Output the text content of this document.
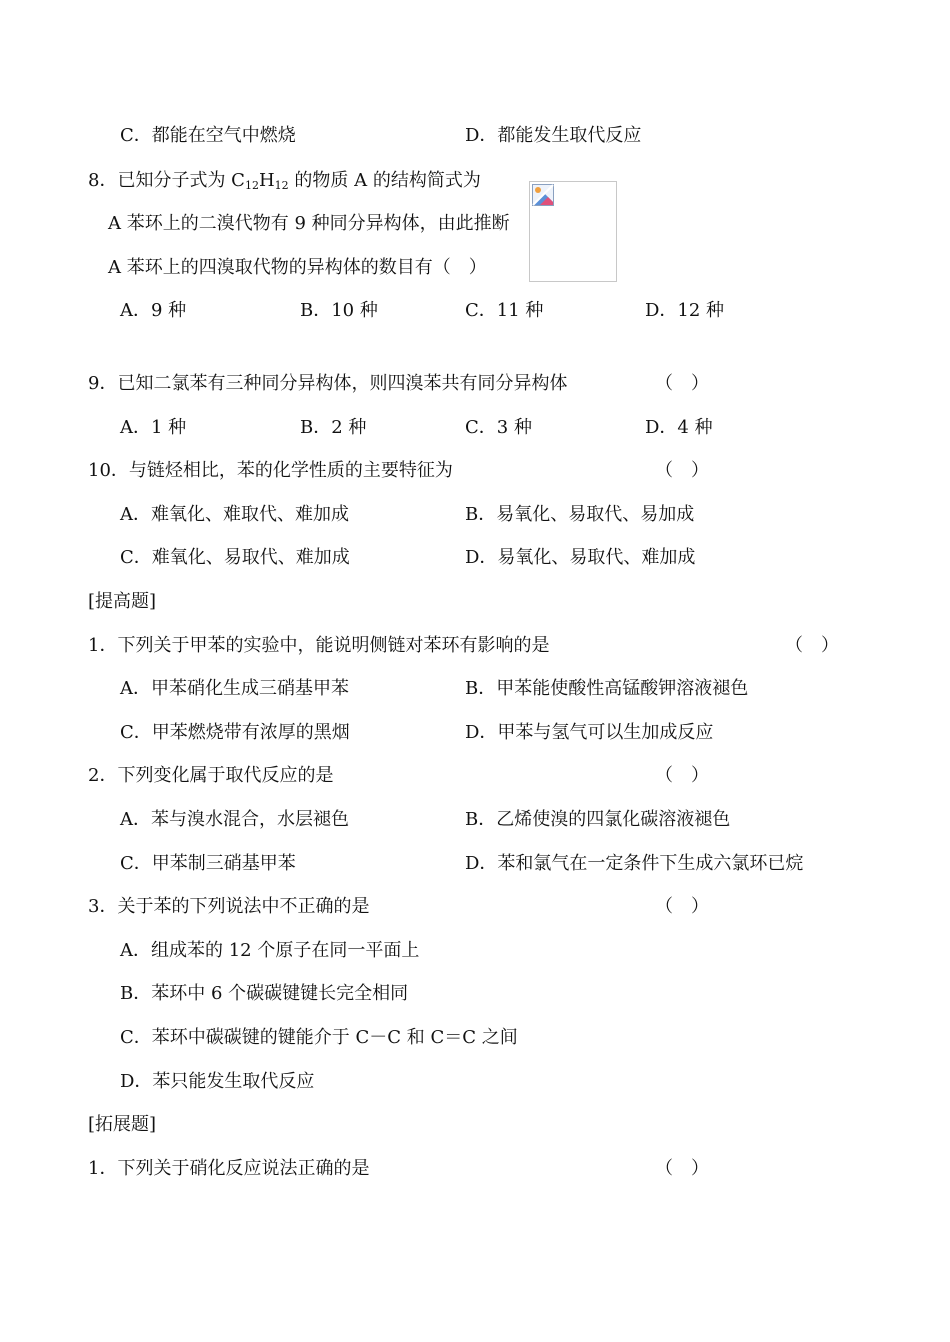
C．都能在空气中燃烧	D．都能发生取代反应
8．已知分子式为 $C_{12}H_{12}$ 的物质 A 的结构简式为
A 苯环上的二溴代物有 9 种同分异构体，由此推断
A 苯环上的四溴取代物的异构体的数目有（　）
A．9 种	B．10 种	C．11 种	D．12 种
9．已知二氯苯有三种同分异构体，则四溴苯共有同分异构体	（　）
A．1 种	B．2 种	C．3 种	D．4 种
10．与链烃相比，苯的化学性质的主要特征为	（　）
A．难氧化、难取代、难加成	B．易氧化、易取代、易加成
C．难氧化、易取代、难加成	D．易氧化、易取代、难加成
[提高题]
1．下列关于甲苯的实验中，能说明侧链对苯环有影响的是	（　）
A．甲苯硝化生成三硝基甲苯	B．甲苯能使酸性高锰酸钾溶液褪色
C．甲苯燃烧带有浓厚的黑烟	D．甲苯与氢气可以生加成反应
2．下列变化属于取代反应的是	（　）
A．苯与溴水混合，水层褪色	B．乙烯使溴的四氯化碳溶液褪色
C．甲苯制三硝基甲苯	D．苯和氯气在一定条件下生成六氯环已烷
3．关于苯的下列说法中不正确的是	（　）
A．组成苯的 12 个原子在同一平面上
B．苯环中 6 个碳碳键键长完全相同
C．苯环中碳碳键的键能介于 C－C 和 C＝C 之间
D．苯只能发生取代反应
[拓展题]
1．下列关于硝化反应说法正确的是	（　）
